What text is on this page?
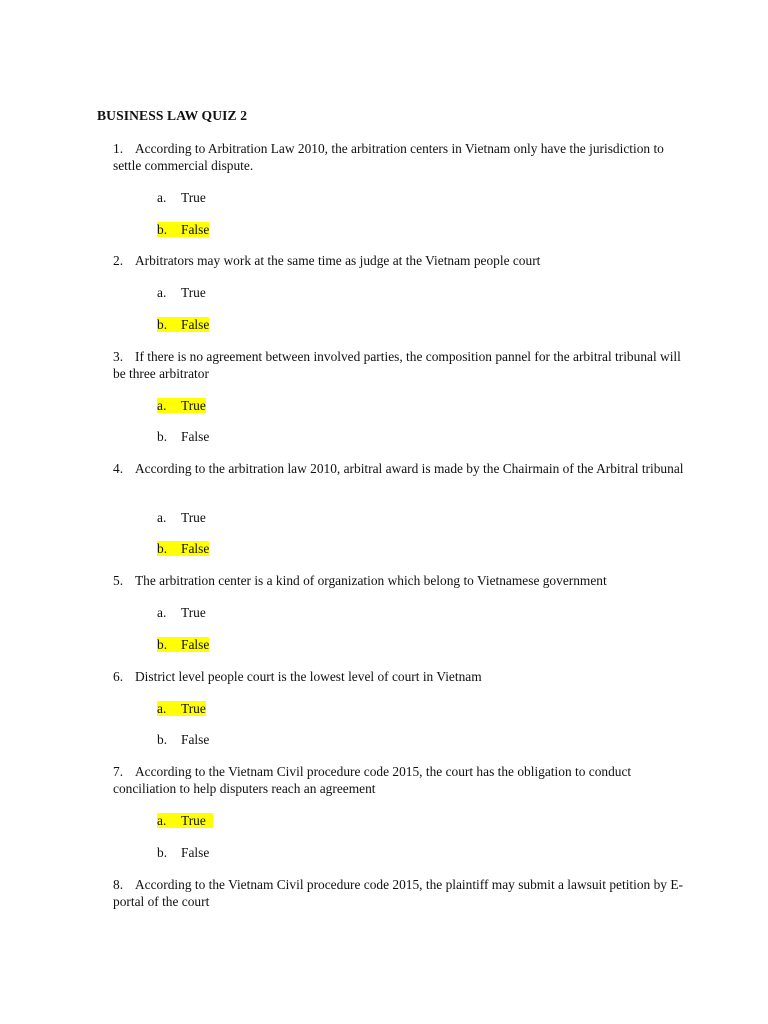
BUSINESS LAW QUIZ 2
1. According to Arbitration Law 2010, the arbitration centers in Vietnam only have the jurisdiction to settle commercial dispute.
a. True
b. False
2. Arbitrators may work at the same time as judge at the Vietnam people court
a. True
b. False
3. If there is no agreement between involved parties, the composition pannel for the arbitral tribunal will be three arbitrator
a. True
b. False
4. According to the arbitration law 2010, arbitral award is made by the Chairmain of the Arbitral tribunal
a. True
b. False
5. The arbitration center is a kind of organization which belong to Vietnamese government
a. True
b. False
6. District level people court is the lowest level of court in Vietnam
a. True
b. False
7. According to the Vietnam Civil procedure code 2015, the court has the obligation to conduct conciliation to help disputers reach an agreement
a. True
b. False
8. According to the Vietnam Civil procedure code 2015, the plaintiff may submit a lawsuit petition by E-portal of the court
